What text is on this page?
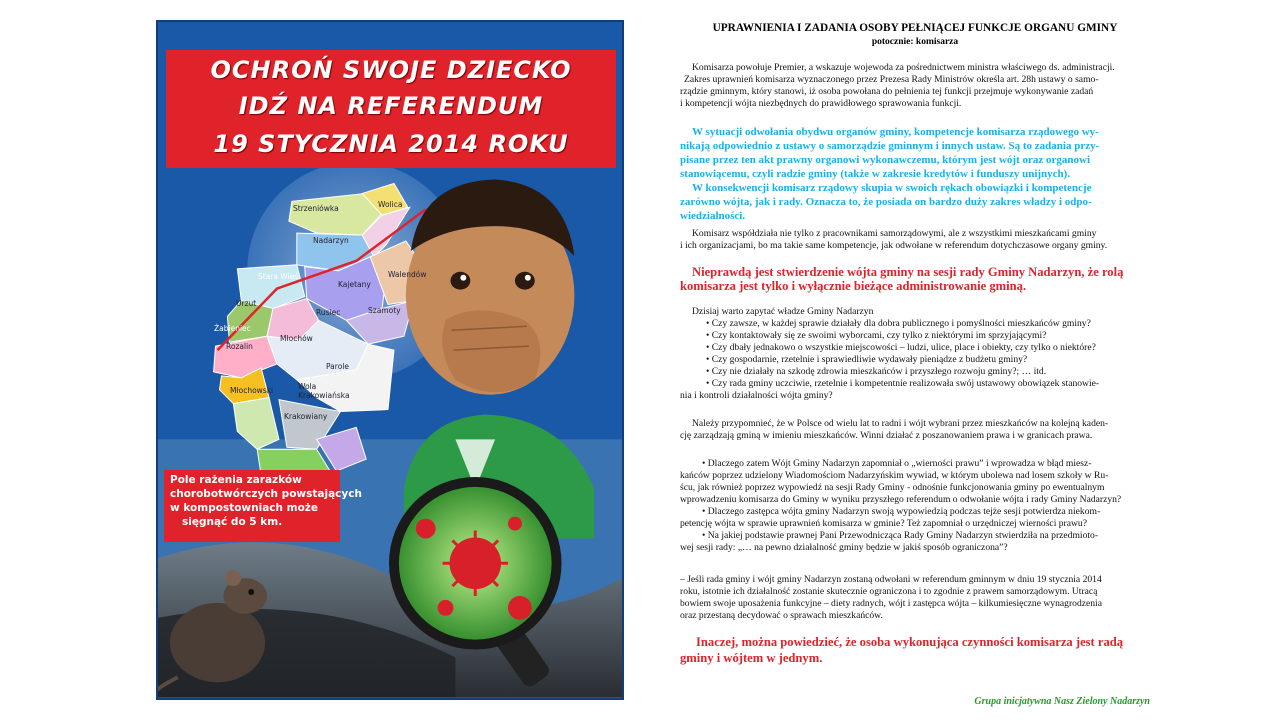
OCHROŃ SWOJE DZIECKO
IDŹ NA REFERENDUM
19 STYCZNIA 2014 ROKU
Strzeniówka	Wolica
Nadarzyn
Stara Wieś
Kajetany
Walendów
Urzut
Rusiec	Szamoty
Żabieniec
Młochów
Rozalin
Parole
Młochowski	Wola Krakowiańska
Krakowiany
Pole rażenia zarazków
chorobotwórczych powstających
w kompostowniach może
sięgnąć do 5 km.
UPRAWNIENIA I ZADANIA OSOBY PEŁNIĄCEJ FUNKCJE ORGANU GMINY
potocznie: komisarza
Komisarza powołuje Premier, a wskazuje wojewoda za pośrednictwem ministra właściwego ds. administracji.
Zakres uprawnień komisarza wyznaczonego przez Prezesa Rady Ministrów określa art. 28h ustawy o samo-
rządzie gminnym, który stanowi, iż osoba powołana do pełnienia tej funkcji przejmuje wykonywanie zadań
i kompetencji wójta niezbędnych do prawidłowego sprawowania funkcji.
W sytuacji odwołania obydwu organów gminy, kompetencje komisarza rządowego wy-
nikają odpowiednio z ustawy o samorządzie gminnym i innych ustaw. Są to zadania przy-
pisane przez ten akt prawny organowi wykonawczemu, którym jest wójt oraz organowi
stanowiącemu, czyli radzie gminy (także w zakresie kredytów i funduszy unijnych).
W konsekwencji komisarz rządowy skupia w swoich rękach obowiązki i kompetencje
zarówno wójta, jak i rady. Oznacza to, że posiada on bardzo duży zakres władzy i odpo-
wiedzialności.
Komisarz współdziała nie tylko z pracownikami samorządowymi, ale z wszystkimi mieszkańcami gminy
i ich organizacjami, bo ma takie same kompetencje, jak odwołane w referendum dotychczasowe organy gminy.
Nieprawdą jest stwierdzenie wójta gminy na sesji rady Gminy Nadarzyn, że rolą
komisarza jest tylko i wyłącznie bieżące administrowanie gminą.
Dzisiaj warto zapytać władze Gminy Nadarzyn
• Czy zawsze, w każdej sprawie działały dla dobra publicznego i pomyślności mieszkańców gminy?
• Czy kontaktowały się ze swoimi wyborcami, czy tylko z niektórymi im sprzyjającymi?
• Czy dbały jednakowo o wszystkie miejscowości – ludzi, ulice, place i obiekty, czy tylko o niektóre?
• Czy gospodarnie, rzetelnie i sprawiedliwie wydawały pieniądze z budżetu gminy?
• Czy nie działały na szkodę zdrowia mieszkańców i przyszłego rozwoju gminy?; … itd.
• Czy rada gminy uczciwie, rzetelnie i kompetentnie realizowała swój ustawowy obowiązek stanowie-
nia i kontroli działalności wójta gminy?
Należy przypomnieć, że w Polsce od wielu lat to radni i wójt wybrani przez mieszkańców na kolejną kaden-
cję zarządzają gminą w imieniu mieszkańców. Winni działać z poszanowaniem prawa i w granicach prawa.
• Dlaczego zatem Wójt Gminy Nadarzyn zapomniał o „wierności prawu” i wprowadza w błąd miesz-
kańców poprzez udzielony Wiadomościom Nadarzyńskim wywiad, w którym ubolewa nad losem szkoły w Ru-
ścu, jak również poprzez wypowiedź na sesji Rady Gminy - odnośnie funkcjonowania gminy po ewentualnym
wprowadzeniu komisarza do Gminy w wyniku przyszłego referendum o odwołanie wójta i rady Gminy Nadarzyn?
• Dlaczego zastępca wójta gminy Nadarzyn swoją wypowiedzią podczas tejże sesji potwierdza niekom-
petencję wójta w sprawie uprawnień komisarza w gminie? Też zapomniał o urzędniczej wierności prawu?
• Na jakiej podstawie prawnej Pani Przewodnicząca Rady Gminy Nadarzyn stwierdziła na przedmioto-
wej sesji rady: „… na pewno działalność gminy będzie w jakiś sposób ograniczona”?
– Jeśli rada gminy i wójt gminy Nadarzyn zostaną odwołani w referendum gminnym w dniu 19 stycznia 2014
roku, istotnie ich działalność zostanie skutecznie ograniczona i to zgodnie z prawem samorządowym. Utracą
bowiem swoje uposażenia funkcyjne – diety radnych, wójt i zastępca wójta – kilkumiesięczne wynagrodzenia
oraz przestaną decydować o sprawach mieszkańców.
Inaczej, można powiedzieć, że osoba wykonująca czynności komisarza jest radą
gminy i wójtem w jednym.
Grupa inicjatywna Nasz Zielony Nadarzyn
